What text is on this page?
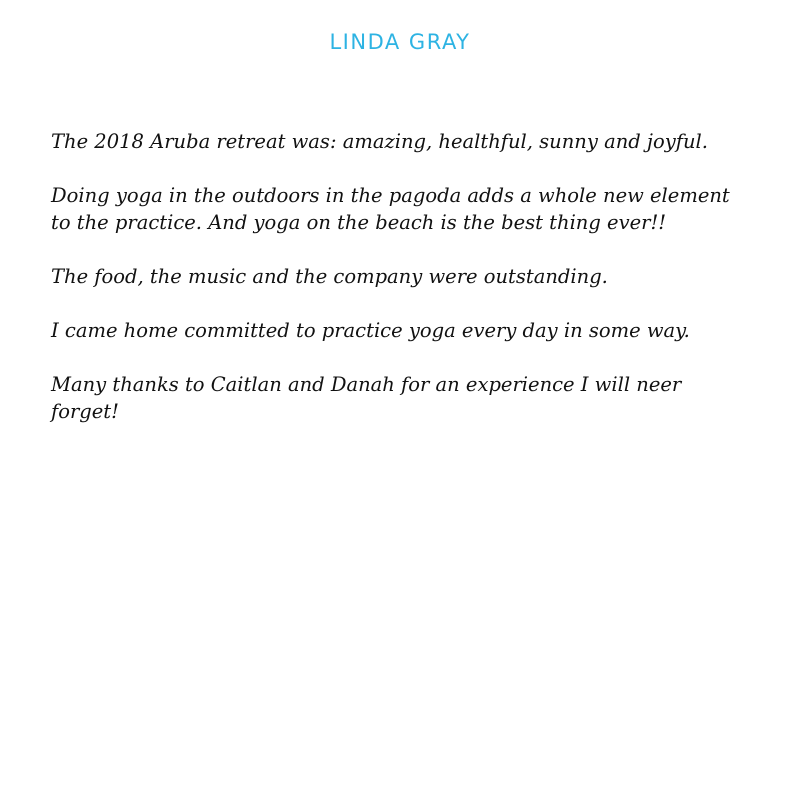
LINDA GRAY

The 2018 Aruba retreat was: amazing, healthful, sunny and joyful.

Doing yoga in the outdoors in the pagoda adds a whole new element to the practice. And yoga on the beach is the best thing ever!!

The food, the music and the company were outstanding.

I came home committed to practice yoga every day in some way.

Many thanks to Caitlan and Danah for an experience I will neer forget!
